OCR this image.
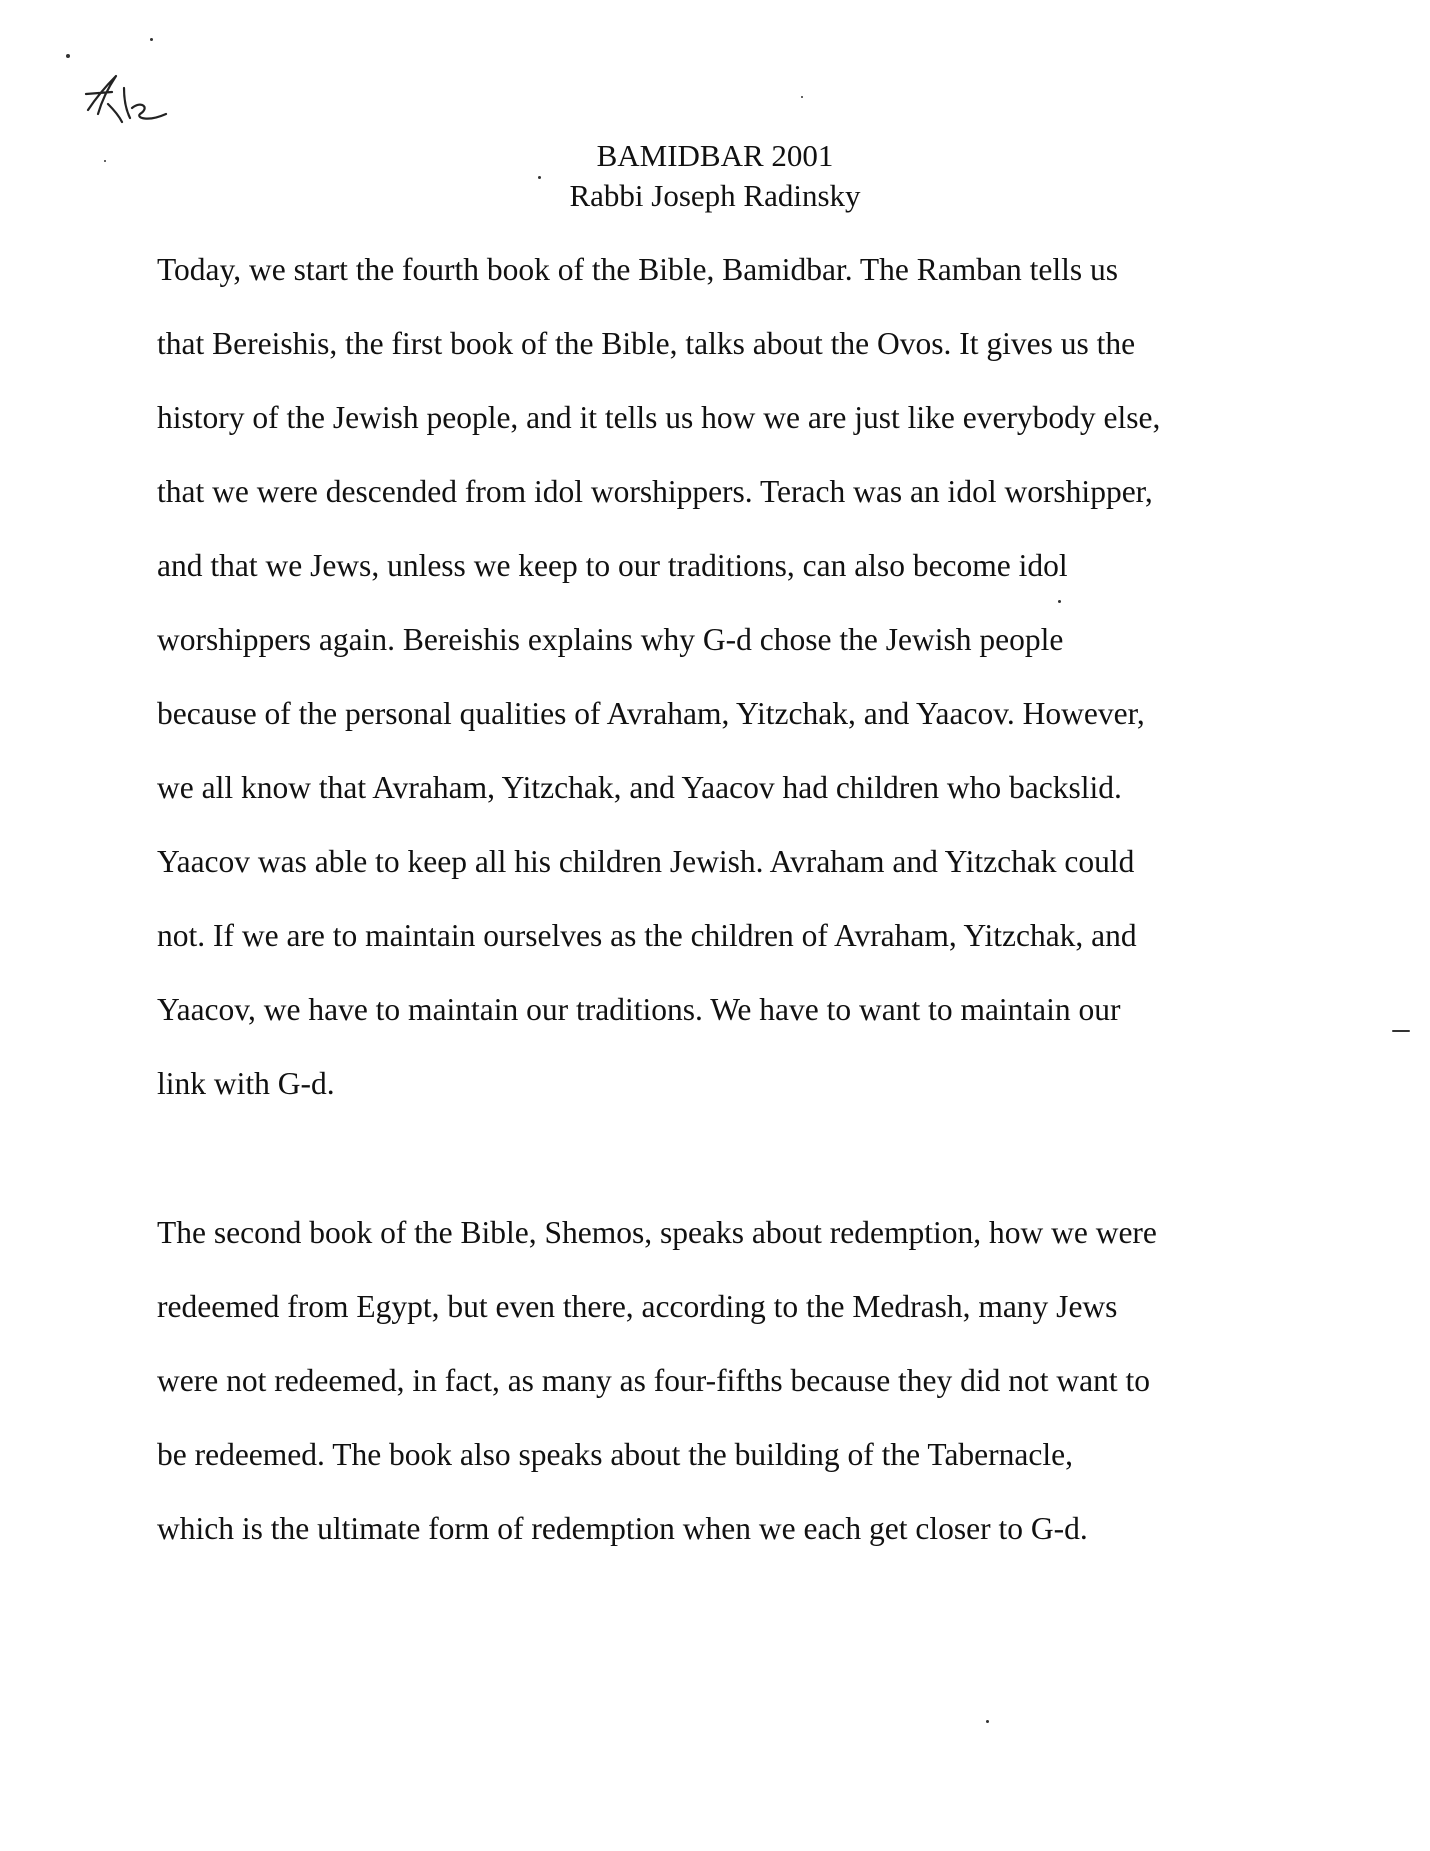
BAMIDBAR 2001
Rabbi Joseph Radinsky
Today, we start the fourth book of the Bible, Bamidbar. The Ramban tells us
that Bereishis, the first book of the Bible, talks about the Ovos. It gives us the
history of the Jewish people, and it tells us how we are just like everybody else,
that we were descended from idol worshippers. Terach was an idol worshipper,
and that we Jews, unless we keep to our traditions, can also become idol
worshippers again. Bereishis explains why G-d chose the Jewish people
because of the personal qualities of Avraham, Yitzchak, and Yaacov. However,
we all know that Avraham, Yitzchak, and Yaacov had children who backslid.
Yaacov was able to keep all his children Jewish. Avraham and Yitzchak could
not. If we are to maintain ourselves as the children of Avraham, Yitzchak, and
Yaacov, we have to maintain our traditions. We have to want to maintain our
link with G-d.
The second book of the Bible, Shemos, speaks about redemption, how we were
redeemed from Egypt, but even there, according to the Medrash, many Jews
were not redeemed, in fact, as many as four-fifths because they did not want to
be redeemed. The book also speaks about the building of the Tabernacle,
which is the ultimate form of redemption when we each get closer to G-d.
